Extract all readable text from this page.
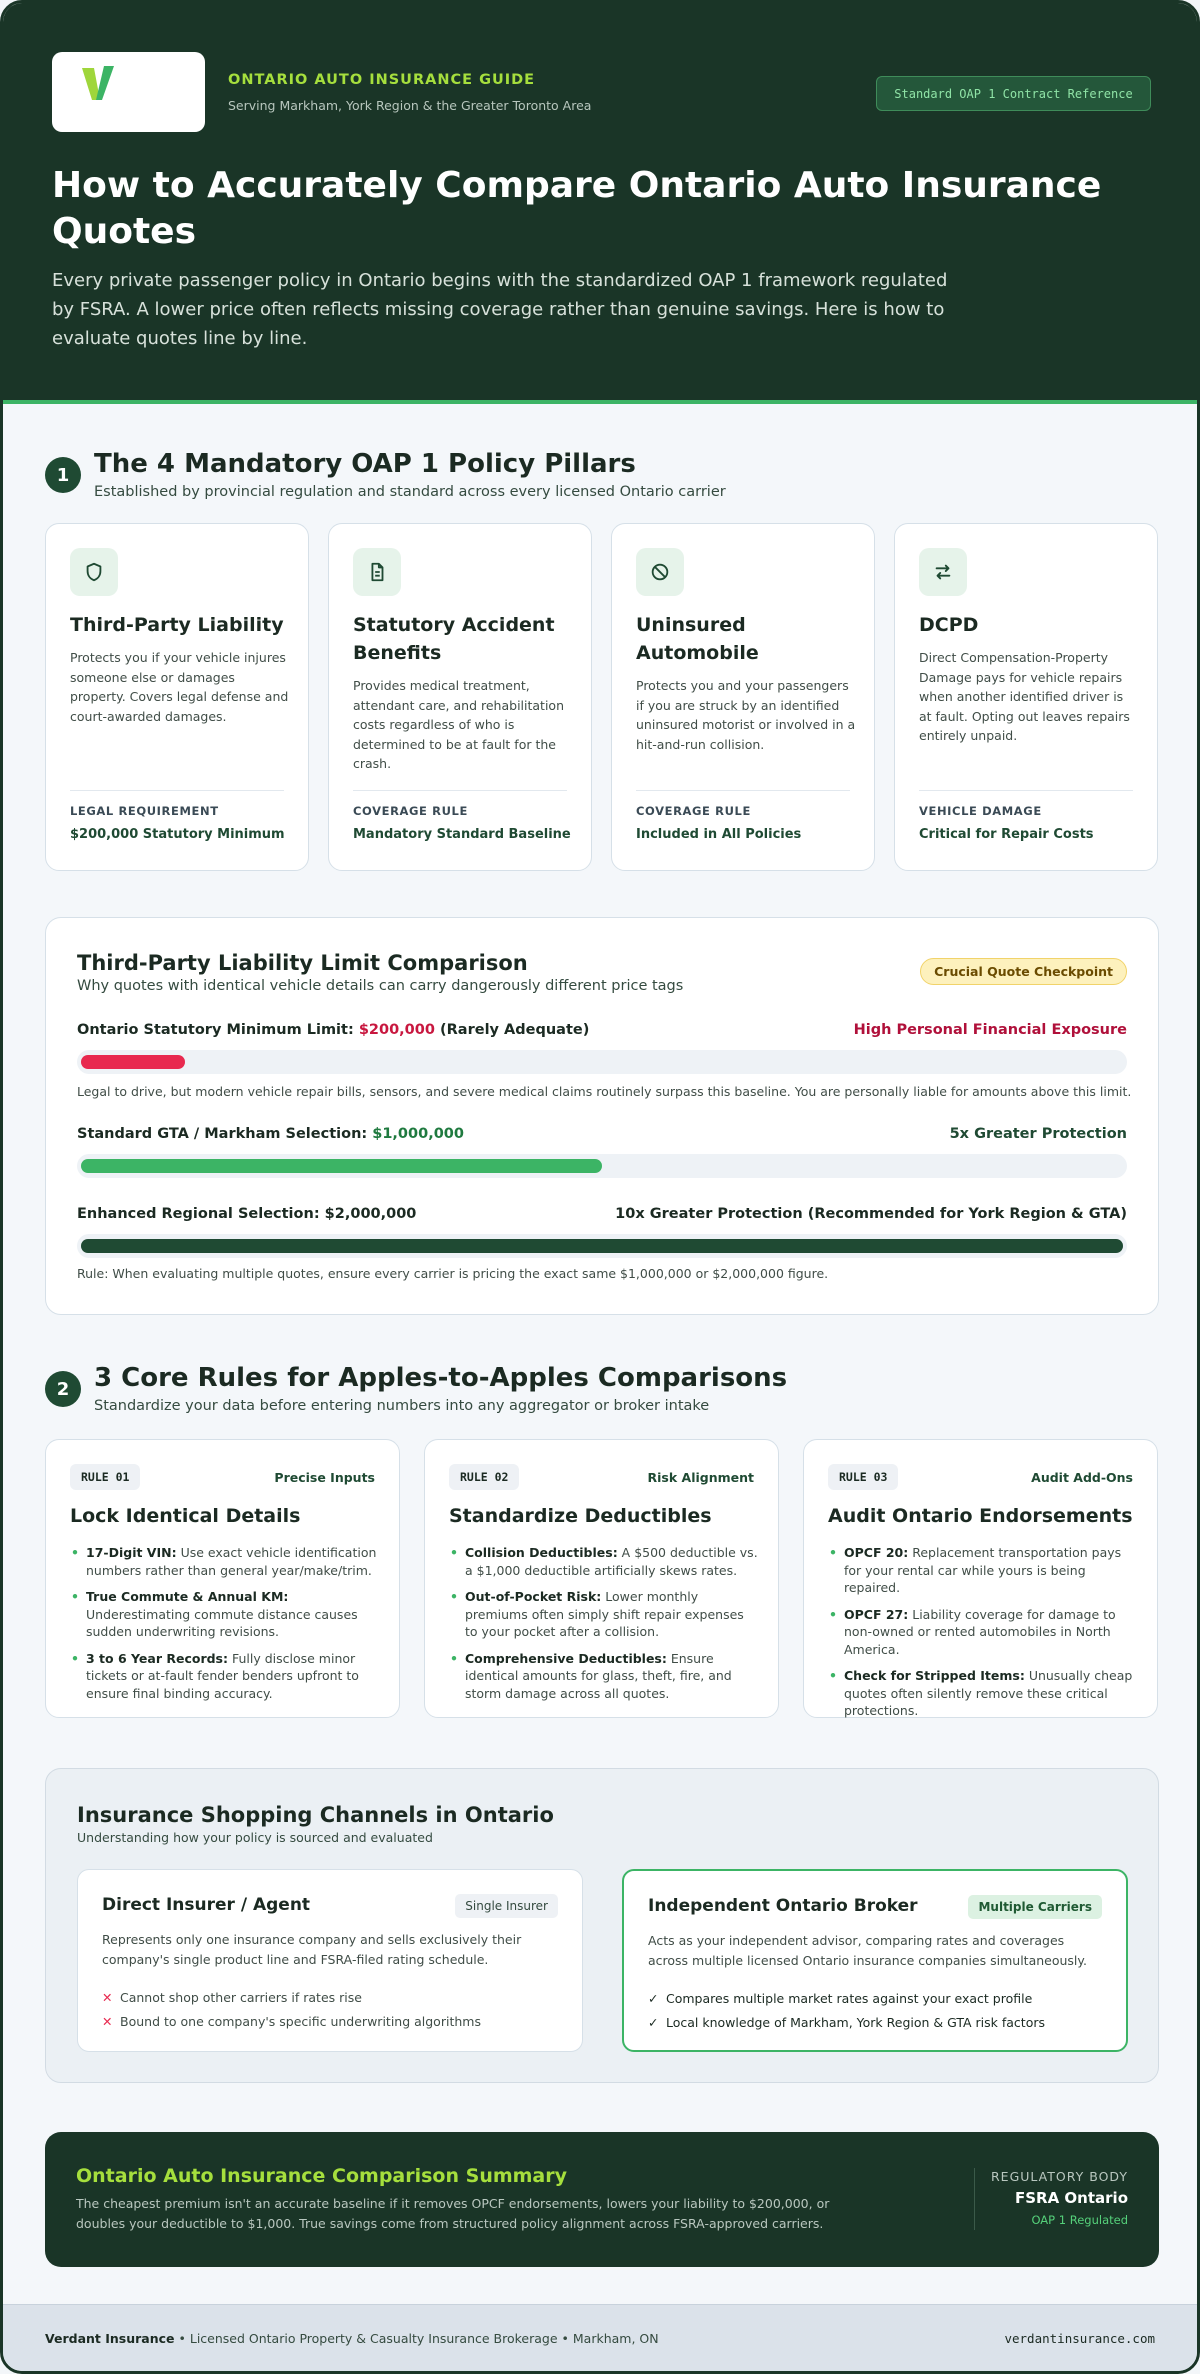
ONTARIO AUTO INSURANCE GUIDE
Serving Markham, York Region & the Greater Toronto Area
Standard OAP 1 Contract Reference
How to Accurately Compare Ontario Auto Insurance Quotes

Every private passenger policy in Ontario begins with the standardized OAP 1 framework regulated by FSRA. A lower price often reflects missing coverage rather than genuine savings. Here is how to evaluate quotes line by line.

1 The 4 Mandatory OAP 1 Policy Pillars
Established by provincial regulation and standard across every licensed Ontario carrier
Third-Party Liability
Protects you if your vehicle injures someone else or damages property. Covers legal defense and court-awarded damages.
LEGAL REQUIREMENT
$200,000 Statutory Minimum
Statutory Accident Benefits
Provides medical treatment, attendant care, and rehabilitation costs regardless of who is determined to be at fault for the crash.
COVERAGE RULE
Mandatory Standard Baseline
Uninsured Automobile
Protects you and your passengers if you are struck by an identified uninsured motorist or involved in a hit-and-run collision.
COVERAGE RULE
Included in All Policies
DCPD
Direct Compensation-Property Damage pays for vehicle repairs when another identified driver is at fault. Opting out leaves repairs entirely unpaid.
VEHICLE DAMAGE
Critical for Repair Costs
Third-Party Liability Limit Comparison
Why quotes with identical vehicle details can carry dangerously different price tags
Crucial Quote Checkpoint
Ontario Statutory Minimum Limit: $200,000 (Rarely Adequate)	High Personal Financial Exposure
Legal to drive, but modern vehicle repair bills, sensors, and severe medical claims routinely surpass this baseline. You are personally liable for amounts above this limit.
Standard GTA / Markham Selection: $1,000,000	5x Greater Protection
Enhanced Regional Selection: $2,000,000	10x Greater Protection (Recommended for York Region & GTA)
Rule: When evaluating multiple quotes, ensure every carrier is pricing the exact same $1,000,000 or $2,000,000 figure.
2 3 Core Rules for Apples-to-Apples Comparisons
Standardize your data before entering numbers into any aggregator or broker intake
RULE 01	Precise Inputs
Lock Identical Details
• 17-Digit VIN: Use exact vehicle identification numbers rather than general year/make/trim.
• True Commute & Annual KM: Underestimating commute distance causes sudden underwriting revisions.
• 3 to 6 Year Records: Fully disclose minor tickets or at-fault fender benders upfront to ensure final binding accuracy.
RULE 02	Risk Alignment
Standardize Deductibles
• Collision Deductibles: A $500 deductible vs. a $1,000 deductible artificially skews rates.
• Out-of-Pocket Risk: Lower monthly premiums often simply shift repair expenses to your pocket after a collision.
• Comprehensive Deductibles: Ensure identical amounts for glass, theft, fire, and storm damage across all quotes.
RULE 03	Audit Add-Ons
Audit Ontario Endorsements
• OPCF 20: Replacement transportation pays for your rental car while yours is being repaired.
• OPCF 27: Liability coverage for damage to non-owned or rented automobiles in North America.
• Check for Stripped Items: Unusually cheap quotes often silently remove these critical protections.
Insurance Shopping Channels in Ontario
Understanding how your policy is sourced and evaluated
Direct Insurer / Agent	Single Insurer
Represents only one insurance company and sells exclusively their company's single product line and FSRA-filed rating schedule.
✕ Cannot shop other carriers if rates rise
✕ Bound to one company's specific underwriting algorithms
Independent Ontario Broker	Multiple Carriers
Acts as your independent advisor, comparing rates and coverages across multiple licensed Ontario insurance companies simultaneously.
✓ Compares multiple market rates against your exact profile
✓ Local knowledge of Markham, York Region & GTA risk factors
Ontario Auto Insurance Comparison Summary
The cheapest premium isn't an accurate baseline if it removes OPCF endorsements, lowers your liability to $200,000, or doubles your deductible to $1,000. True savings come from structured policy alignment across FSRA-approved carriers.
REGULATORY BODY
FSRA Ontario
OAP 1 Regulated
Verdant Insurance • Licensed Ontario Property & Casualty Insurance Brokerage • Markham, ON	verdantinsurance.com
